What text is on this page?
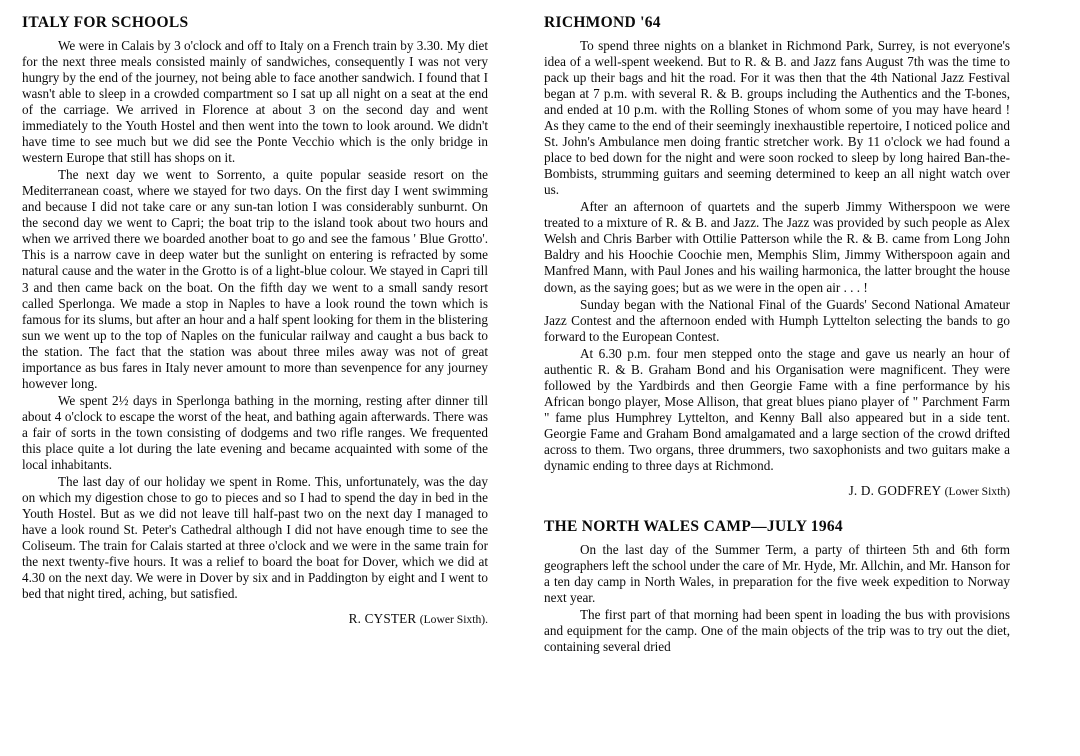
ITALY FOR SCHOOLS

We were in Calais by 3 o'clock and off to Italy on a French train by 3.30. My diet for the next three meals consisted mainly of sandwiches, consequently I was not very hungry by the end of the journey, not being able to face another sandwich. I found that I wasn't able to sleep in a crowded compartment so I sat up all night on a seat at the end of the carriage. We arrived in Florence at about 3 on the second day and went immediately to the Youth Hostel and then went into the town to look around. We didn't have time to see much but we did see the Ponte Vecchio which is the only bridge in western Europe that still has shops on it.

The next day we went to Sorrento, a quite popular seaside resort on the Mediterranean coast, where we stayed for two days. On the first day I went swimming and because I did not take care or any sun-tan lotion I was considerably sunburnt. On the second day we went to Capri; the boat trip to the island took about two hours and when we arrived there we boarded another boat to go and see the famous ' Blue Grotto'. This is a narrow cave in deep water but the sunlight on entering is refracted by some natural cause and the water in the Grotto is of a light-blue colour. We stayed in Capri till 3 and then came back on the boat. On the fifth day we went to a small sandy resort called Sperlonga. We made a stop in Naples to have a look round the town which is famous for its slums, but after an hour and a half spent looking for them in the blistering sun we went up to the top of Naples on the funicular railway and caught a bus back to the station. The fact that the station was about three miles away was not of great importance as bus fares in Italy never amount to more than sevenpence for any journey however long.

We spent 2½ days in Sperlonga bathing in the morning, resting after dinner till about 4 o'clock to escape the worst of the heat, and bathing again afterwards. There was a fair of sorts in the town consisting of dodgems and two rifle ranges. We frequented this place quite a lot during the late evening and became acquainted with some of the local inhabitants.

The last day of our holiday we spent in Rome. This, unfortunately, was the day on which my digestion chose to go to pieces and so I had to spend the day in bed in the Youth Hostel. But as we did not leave till half-past two on the next day I managed to have a look round St. Peter's Cathedral although I did not have enough time to see the Coliseum. The train for Calais started at three o'clock and we were in the same train for the next twenty-five hours. It was a relief to board the boat for Dover, which we did at 4.30 on the next day. We were in Dover by six and in Paddington by eight and I went to bed that night tired, aching, but satisfied.

R. CYSTER (Lower Sixth).

RICHMOND '64

To spend three nights on a blanket in Richmond Park, Surrey, is not everyone's idea of a well-spent weekend. But to R. & B. and Jazz fans August 7th was the time to pack up their bags and hit the road. For it was then that the 4th National Jazz Festival began at 7 p.m. with several R. & B. groups including the Authentics and the T-bones, and ended at 10 p.m. with the Rolling Stones of whom some of you may have heard ! As they came to the end of their seemingly inexhaustible repertoire, I noticed police and St. John's Ambulance men doing frantic stretcher work. By 11 o'clock we had found a place to bed down for the night and were soon rocked to sleep by long haired Ban-the-Bombists, strumming guitars and seeming determined to keep an all night watch over us.

After an afternoon of quartets and the superb Jimmy Witherspoon we were treated to a mixture of R. & B. and Jazz. The Jazz was provided by such people as Alex Welsh and Chris Barber with Ottilie Patterson while the R. & B. came from Long John Baldry and his Hoochie Coochie men, Memphis Slim, Jimmy Witherspoon again and Manfred Mann, with Paul Jones and his wailing harmonica, the latter brought the house down, as the saying goes; but as we were in the open air . . . !

Sunday began with the National Final of the Guards' Second National Amateur Jazz Contest and the afternoon ended with Humph Lyttelton selecting the bands to go forward to the European Contest.

At 6.30 p.m. four men stepped onto the stage and gave us nearly an hour of authentic R. & B. Graham Bond and his Organisation were magnificent. They were followed by the Yardbirds and then Georgie Fame with a fine performance by his African bongo player, Mose Allison, that great blues piano player of " Parchment Farm " fame plus Humphrey Lyttelton, and Kenny Ball also appeared but in a side tent. Georgie Fame and Graham Bond amalgamated and a large section of the crowd drifted across to them. Two organs, three drummers, two saxophonists and two guitars make a dynamic ending to three days at Richmond.

J. D. GODFREY (Lower Sixth)

THE NORTH WALES CAMP—JULY 1964

On the last day of the Summer Term, a party of thirteen 5th and 6th form geographers left the school under the care of Mr. Hyde, Mr. Allchin, and Mr. Hanson for a ten day camp in North Wales, in preparation for the five week expedition to Norway next year.

The first part of that morning had been spent in loading the bus with provisions and equipment for the camp. One of the main objects of the trip was to try out the diet, containing several dried
